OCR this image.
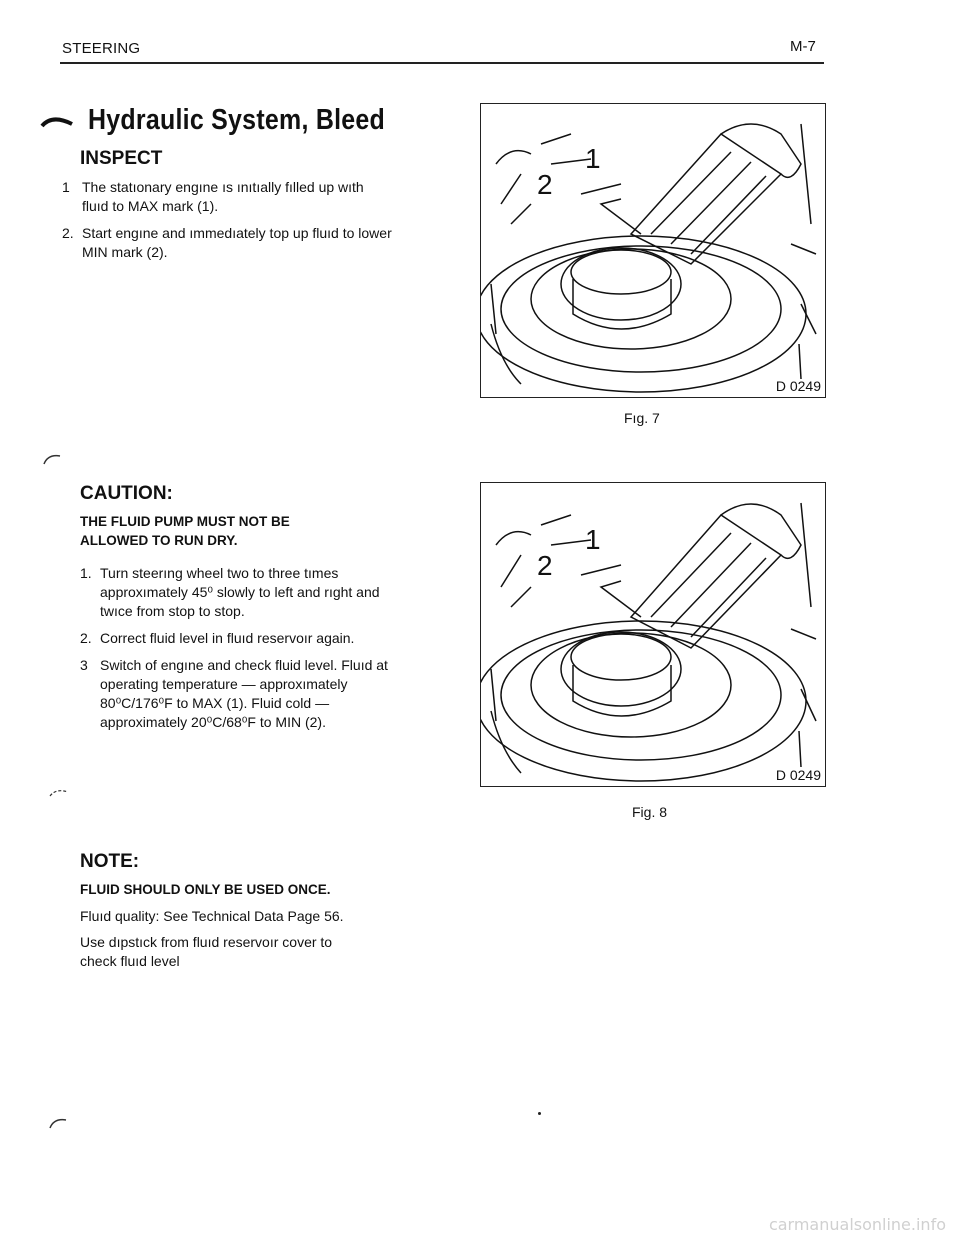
STEERING	M-7
Hydraulic System, Bleed
INSPECT
1 The statıonary engıne ıs ınıtıally fılled up wıth fluıd to MAX mark (1).
2. Start engıne and ımmedıately top up fluıd to lower MIN mark (2).
CAUTION:
THE FLUID PUMP MUST NOT BE ALLOWED TO RUN DRY.
1. Turn steerıng wheel two to three tımes approxımately 45⁰ slowly to left and rıght and twıce from stop to stop.
2. Correct fluid level in fluıd reservoır again.
3 Switch of engıne and check fluid level. Fluıd at operating temperature — approxımately 80⁰C/176⁰F to MAX (1). Fluid cold — approximately 20⁰C/68⁰F to MIN (2).
NOTE:
FLUID SHOULD ONLY BE USED ONCE.
Fluıd quality: See Technical Data Page 56.
Use dıpstıck from fluıd reservoır cover to check fluıd level
1
2
D 0249
Fıg. 7
1
2
D 0249
Fig. 8
carmanualsonline.info
